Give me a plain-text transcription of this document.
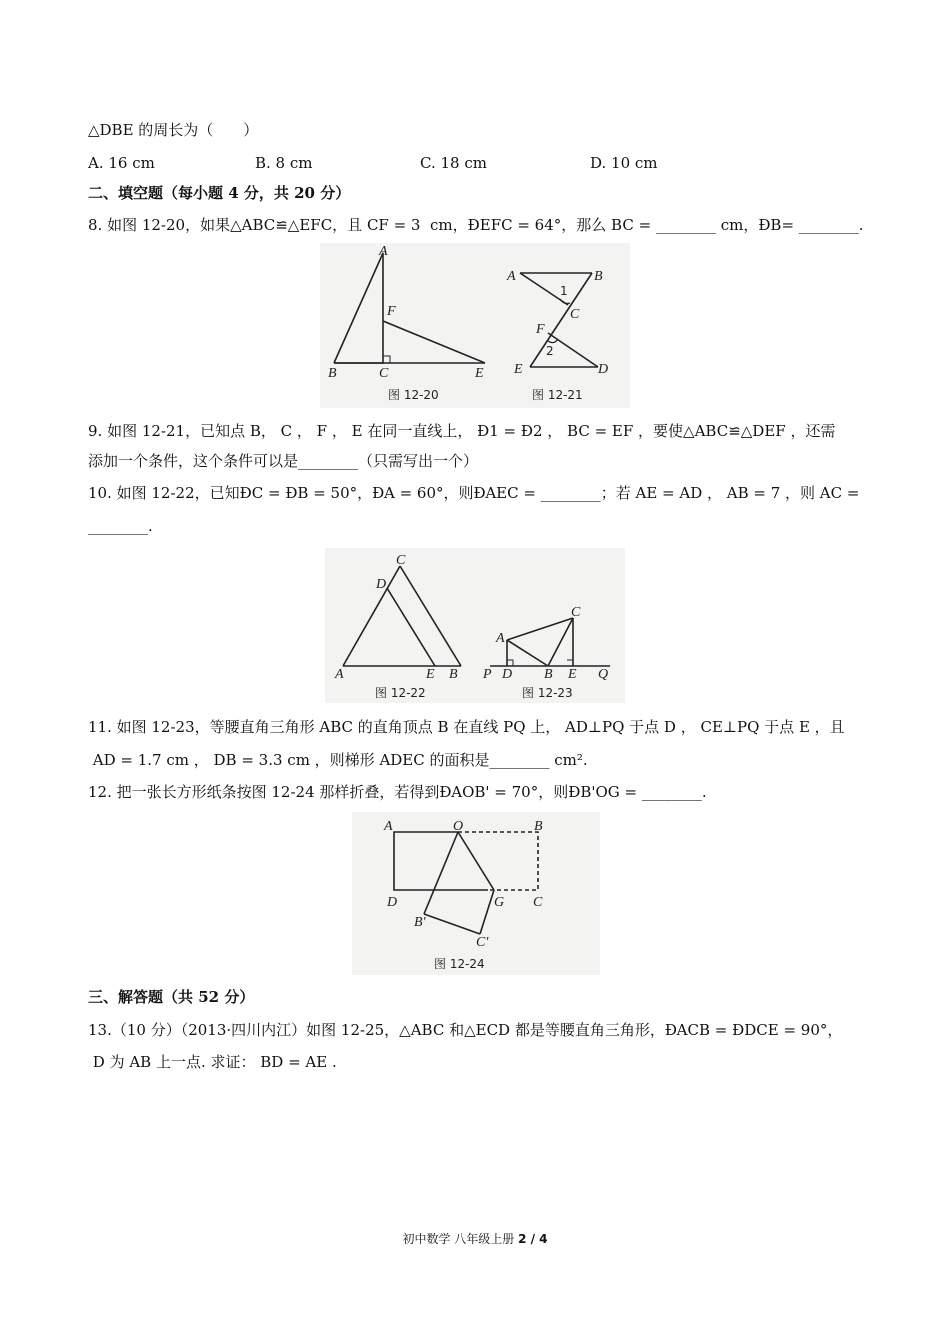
△DBE 的周长为（　　）
A. 16 cm	B. 8 cm	C. 18 cm	D. 10 cm
二、填空题（每小题 4 分，共 20 分）
8. 如图 12-20，如果△ABC≌△EFC，且 CF = 3  cm，ÐEFC = 64°，那么 BC = ________ cm，ÐB= ________.
A
F
B	C	E
图 12-20
A	B
1
C
F
2
E	D
图 12-21
9. 如图 12-21，已知点 B， C ， F ， E 在同一直线上， Ð1 = Ð2 ， BC = EF ，要使△ABC≌△DEF ，还需
添加一个条件，这个条件可以是________（只需写出一个）
10. 如图 12-22，已知ÐC = ÐB = 50°，ÐA = 60°，则ÐAEC = ________；若 AE = AD ， AB = 7 ，则 AC =
________.
C
D
A	E B
图 12-22
C
A
P D B E Q
图 12-23
11. 如图 12-23，等腰直角三角形 ABC 的直角顶点 B 在直线 PQ 上， AD⊥PQ 于点 D ， CE⊥PQ 于点 E ，且
AD = 1.7 cm ， DB = 3.3 cm ，则梯形 ADEC 的面积是________ cm².
12. 把一张长方形纸条按图 12-24 那样折叠，若得到ÐAOB' = 70°，则ÐB'OG = ________.
A	O	B
D	G C
B'
C'
图 12-24
三、解答题（共 52 分）
13.（10 分）（2013·四川内江）如图 12-25，△ABC 和△ECD 都是等腰直角三角形，ÐACB = ÐDCE = 90°，
D 为 AB 上一点. 求证： BD = AE .
初中数学 八年级上册 2 / 4
